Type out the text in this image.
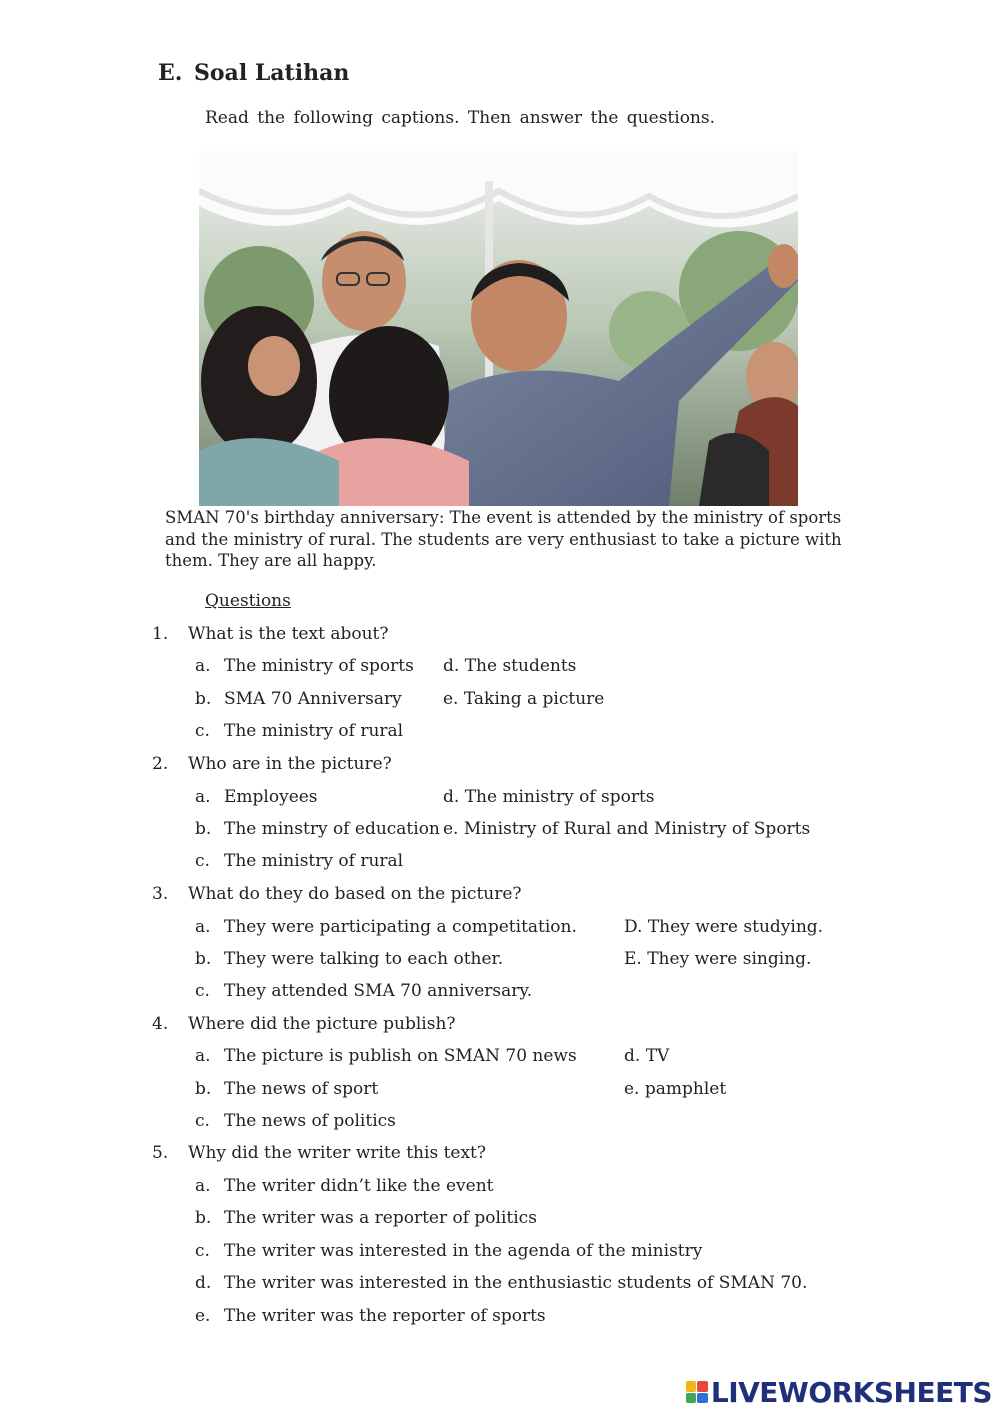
E. Soal Latihan
Read the following captions. Then answer the questions.
SMAN 70's birthday anniversary: The event is attended by the ministry of sports and the ministry of rural. The students are very enthusiast to take a picture with them. They are all happy.
Questions
1. What is the text about?
a. The ministry of sports d. The students
b. SMA 70 Anniversary e. Taking a picture
c. The ministry of rural
2. Who are in the picture?
a. Employees	d. The ministry of sports
b. The minstry of education e. Ministry of Rural and Ministry of Sports
c. The ministry of rural
3. What do they do based on the picture?
a. They were participating a competitation.	D. They were studying.
b. They were talking to each other.	E. They were singing.
c. They attended SMA 70 anniversary.
4. Where did the picture publish?
a. The picture is publish on SMAN 70 news	d. TV
b. The news of sport	e. pamphlet
c. The news of politics
5. Why did the writer write this text?
a. The writer didn’t like the event
b. The writer was a reporter of politics
c. The writer was interested in the agenda of the ministry
d. The writer was interested in the enthusiastic students of SMAN 70.
e. The writer was the reporter of sports
LIVEWORKSHEETS
